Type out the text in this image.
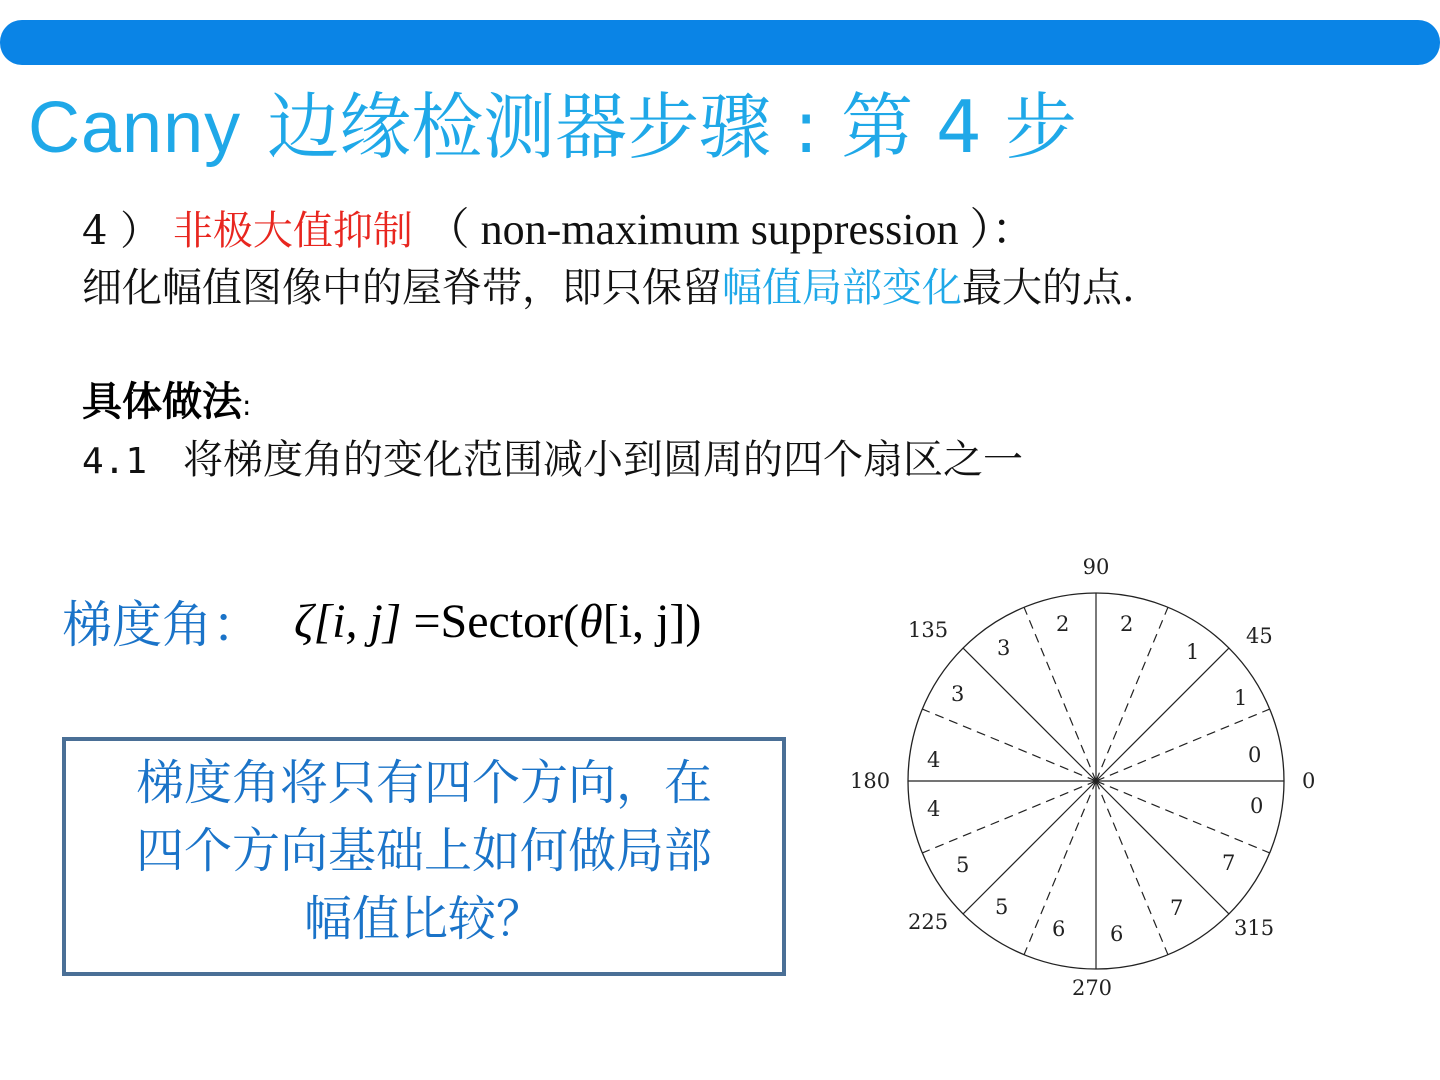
Canny 边缘检测器步骤 : 第 4 步
4 ） 非极大值抑制 （ non-maximum suppression ）：
细化幅值图像中的屋脊带，即只保留幅值局部变化最大的点.
具体做法:
4.1 将梯度角的变化范围减小到圆周的四个扇区之一
梯度角： ζ[i, j] =Sector(θ[i, j])
梯度角将只有四个方向，在
四个方向基础上如何做局部
幅值比较？
90
45
135
0
180
225
270
315
2 2
3	1
3	1
4	0
4	0
5	7
5	7
6 6
